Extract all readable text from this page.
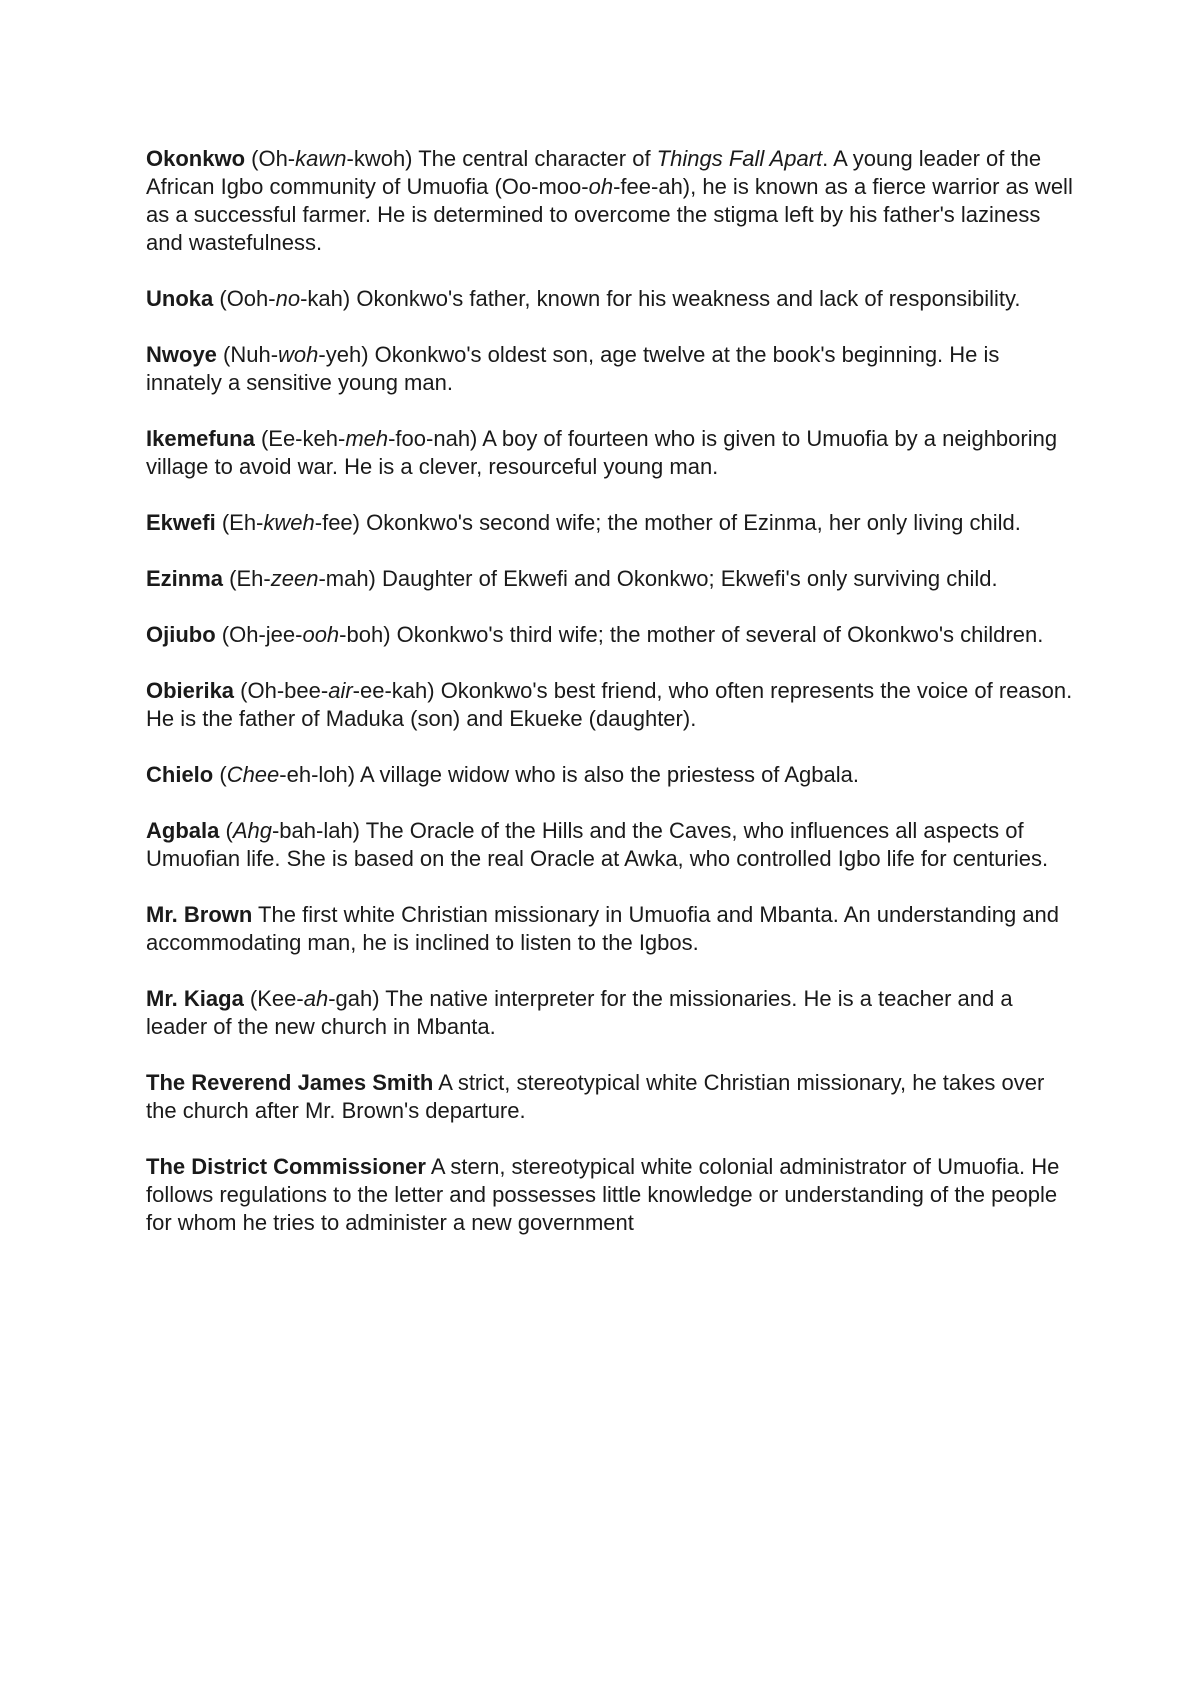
Okonkwo (Oh-kawn-kwoh) The central character of Things Fall Apart. A young leader of the African Igbo community of Umuofia (Oo-moo-oh-fee-ah), he is known as a fierce warrior as well as a successful farmer. He is determined to overcome the stigma left by his father's laziness and wastefulness.

Unoka (Ooh-no-kah) Okonkwo's father, known for his weakness and lack of responsibility.

Nwoye (Nuh-woh-yeh) Okonkwo's oldest son, age twelve at the book's beginning. He is innately a sensitive young man.

Ikemefuna (Ee-keh-meh-foo-nah) A boy of fourteen who is given to Umuofia by a neighboring village to avoid war. He is a clever, resourceful young man.

Ekwefi (Eh-kweh-fee) Okonkwo's second wife; the mother of Ezinma, her only living child.

Ezinma (Eh-zeen-mah) Daughter of Ekwefi and Okonkwo; Ekwefi's only surviving child.

Ojiubo (Oh-jee-ooh-boh) Okonkwo's third wife; the mother of several of Okonkwo's children.

Obierika (Oh-bee-air-ee-kah) Okonkwo's best friend, who often represents the voice of reason. He is the father of Maduka (son) and Ekueke (daughter).

Chielo (Chee-eh-loh) A village widow who is also the priestess of Agbala.

Agbala (Ahg-bah-lah) The Oracle of the Hills and the Caves, who influences all aspects of Umuofian life. She is based on the real Oracle at Awka, who controlled Igbo life for centuries.

Mr. Brown The first white Christian missionary in Umuofia and Mbanta. An understanding and accommodating man, he is inclined to listen to the Igbos.

Mr. Kiaga (Kee-ah-gah) The native interpreter for the missionaries. He is a teacher and a leader of the new church in Mbanta.

The Reverend James Smith A strict, stereotypical white Christian missionary, he takes over the church after Mr. Brown's departure.

The District Commissioner A stern, stereotypical white colonial administrator of Umuofia. He follows regulations to the letter and possesses little knowledge or understanding of the people for whom he tries to administer a new government
